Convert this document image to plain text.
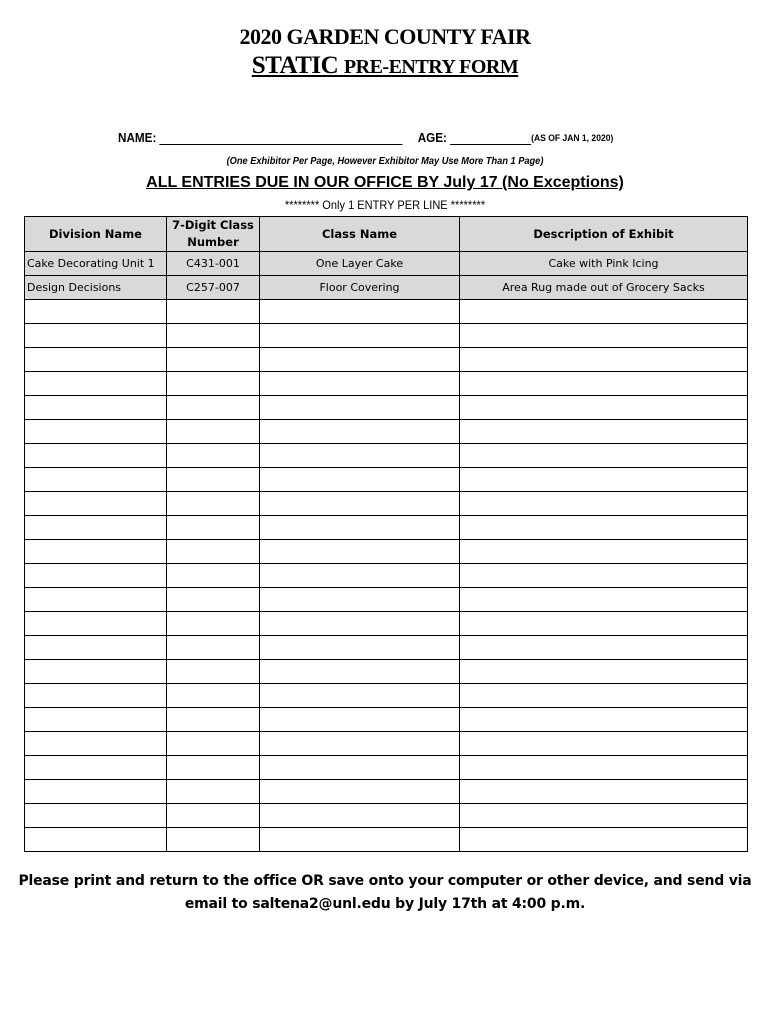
2020 GARDEN COUNTY FAIR
STATIC PRE-ENTRY FORM
NAME:	AGE:	(AS OF JAN 1, 2020)
(One Exhibitor Per Page, However Exhibitor May Use More Than 1 Page)
ALL ENTRIES DUE IN OUR OFFICE BY July 17 (No Exceptions)
******** Only 1 ENTRY PER LINE ********
Division Name	7-Digit Class Number	Class Name	Description of Exhibit
Cake Decorating Unit 1	C431-001	One Layer Cake	Cake with Pink Icing
Design Decisions	C257-007	Floor Covering	Area Rug made out of Grocery Sacks

Please print and return to the office OR save onto your computer or other device, and send via
email to saltena2@unl.edu by July 17th at 4:00 p.m.
